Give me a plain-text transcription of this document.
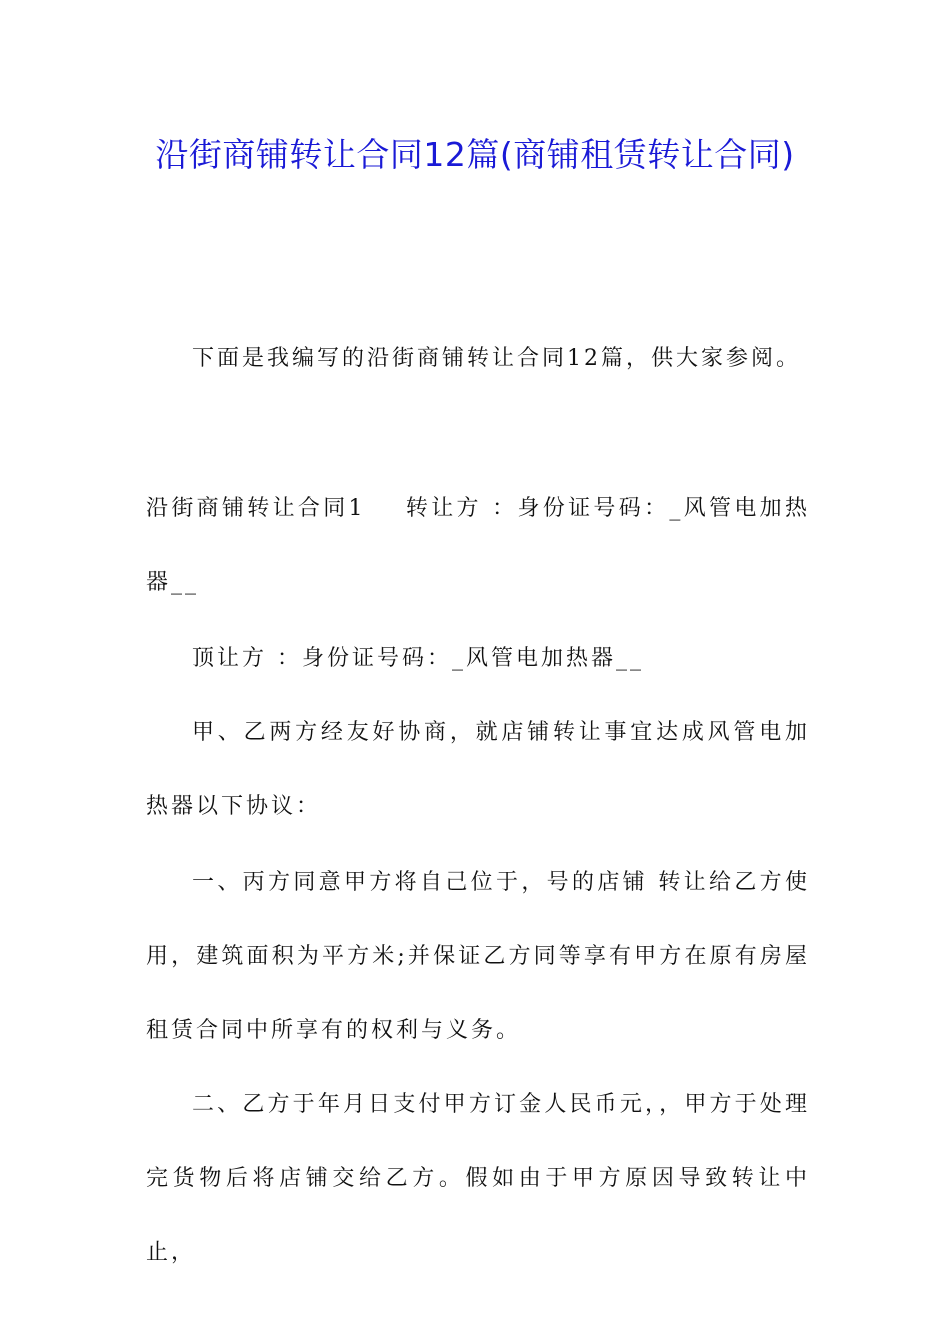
沿街商铺转让合同12篇(商铺租赁转让合同)

下面是我编写的沿街商铺转让合同12篇，供大家参阅。

沿街商铺转让合同1 转让方 ：身份证号码：_风管电加热器__

顶让方 ：身份证号码：_风管电加热器__

甲、乙两方经友好协商，就店铺转让事宜达成风管电加热器以下协议：

一、丙方同意甲方将自己位于，号的店铺 转让给乙方使用，建筑面积为平方米;并保证乙方同等享有甲方在原有房屋租赁合同中所享有的权利与义务。

二、乙方于年月日支付甲方订金人民币元，，甲方于处理完货物后将店铺交给乙方。假如由于甲方原因导致转让中止，
